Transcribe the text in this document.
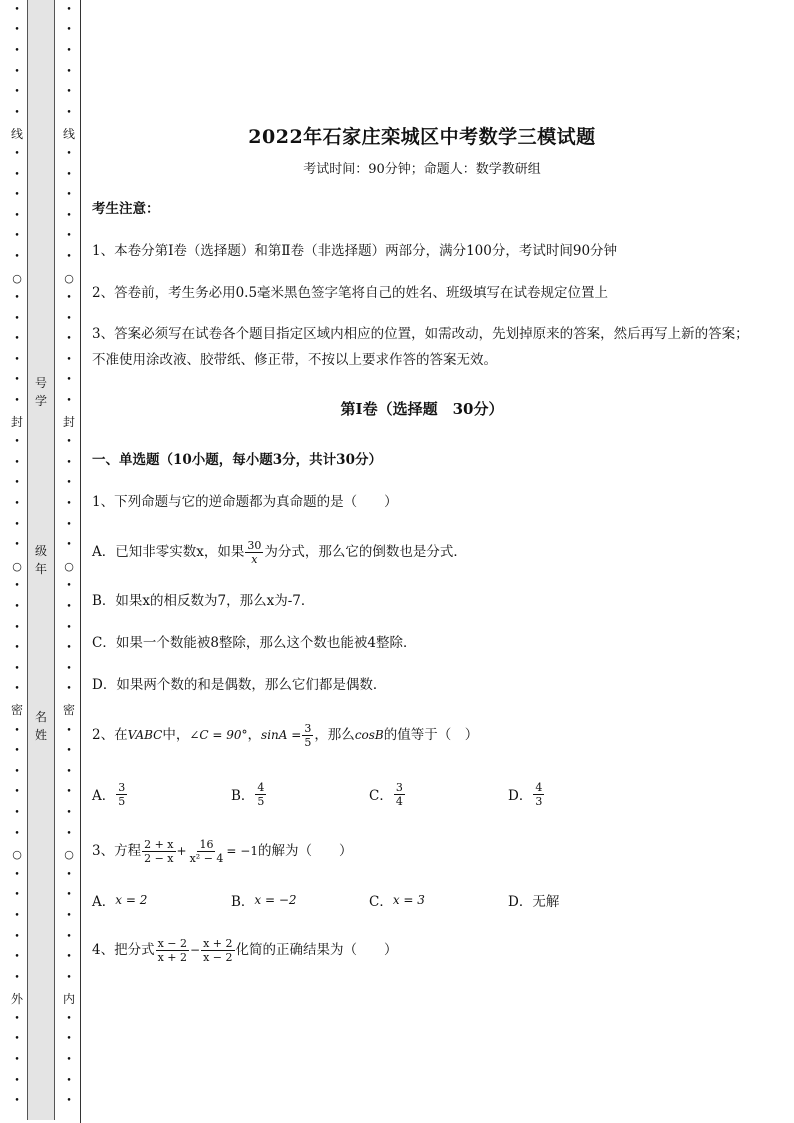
•
•
•
•
•
•
线
•
•
•
•
•
•
○
•
•
•
•
•
•
封
•
•
•
•
•
•
○
•
•
•
•
•
•
密
•
•
•
•
•
•
○
•
•
•
•
•
•
外
•
•
•
•
•
号学
级年
名姓
•
•
•
•
•
•
线
•
•
•
•
•
•
○
•
•
•
•
•
•
封
•
•
•
•
•
•
○
•
•
•
•
•
•
密
•
•
•
•
•
•
○
•
•
•
•
•
•
内
•
•
•
•
•
2022年石家庄栾城区中考数学三模试题
考试时间：90分钟；命题人：数学教研组
考生注意：
1、本卷分第I卷（选择题）和第Ⅱ卷（非选择题）两部分，满分100分，考试时间90分钟
2、答卷前，考生务必用0.5毫米黑色签字笔将自己的姓名、班级填写在试卷规定位置上
3、答案必须写在试卷各个题目指定区域内相应的位置，如需改动，先划掉原来的答案，然后再写上新的答案；不准使用涂改液、胶带纸、修正带，不按以上要求作答的答案无效。
第I卷（选择题　30分）
一、单选题（10小题，每小题3分，共计30分）
1、下列命题与它的逆命题都为真命题的是（　　）
A．已知非零实数x，如果 $\frac{30}{x}$ 为分式，那么它的倒数也是分式．
B．如果x的相反数为7，那么x为-7．
C．如果一个数能被8整除，那么这个数也能被4整除．
D．如果两个数的和是偶数，那么它们都是偶数．
2、在 VABC 中， ∠C = 90° ， $\sin A = \frac{3}{5}$ ，那么 cosB 的值等于（　）
A． $\frac{3}{5}$	B． $\frac{4}{5}$	C． $\frac{3}{4}$	D． $\frac{4}{3}$
3、方程 $\frac{2 + x}{2 - x} + \frac{16}{\text{x² − 4}} = -1$ 的解为（　　）
A． x = 2	B． x = −2	C． x = 3	D． 无解
4、把分式 $\frac{x - 2}{x + 2} - \frac{x + 2}{x - 2}$ 化简的正确结果为（　　）
